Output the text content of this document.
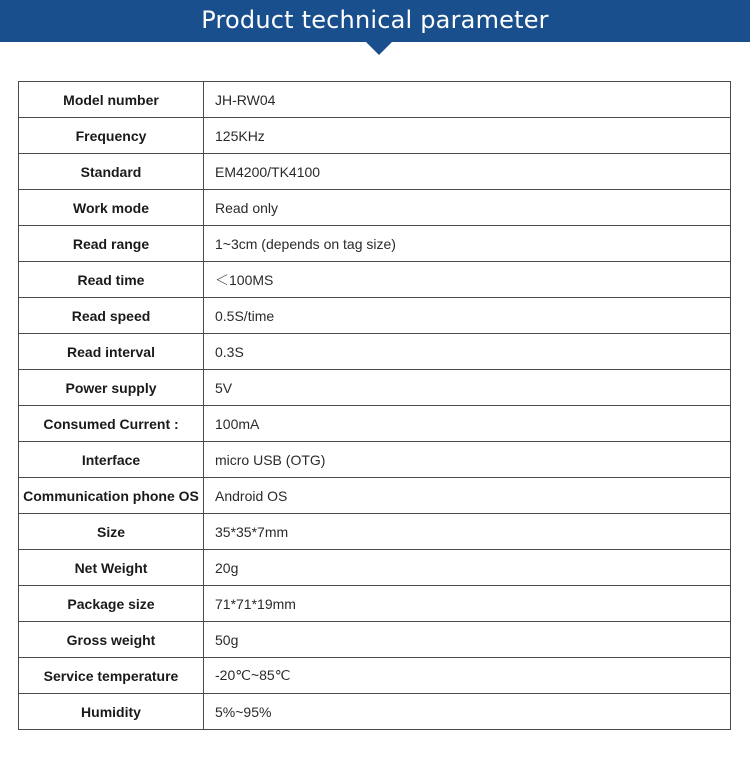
Product technical parameter
Model number	JH-RW04
Frequency	125KHz
Standard	EM4200/TK4100
Work mode	Read only
Read range	1~3cm (depends on tag size)
Read time	＜100MS
Read speed	0.5S/time
Read interval	0.3S
Power supply	5V
Consumed Current :	100mA
Interface	micro USB (OTG)
Communication phone OS	Android OS
Size	35*35*7mm
Net Weight	20g
Package size	71*71*19mm
Gross weight	50g
Service temperature	-20℃~85℃
Humidity	5%~95%
